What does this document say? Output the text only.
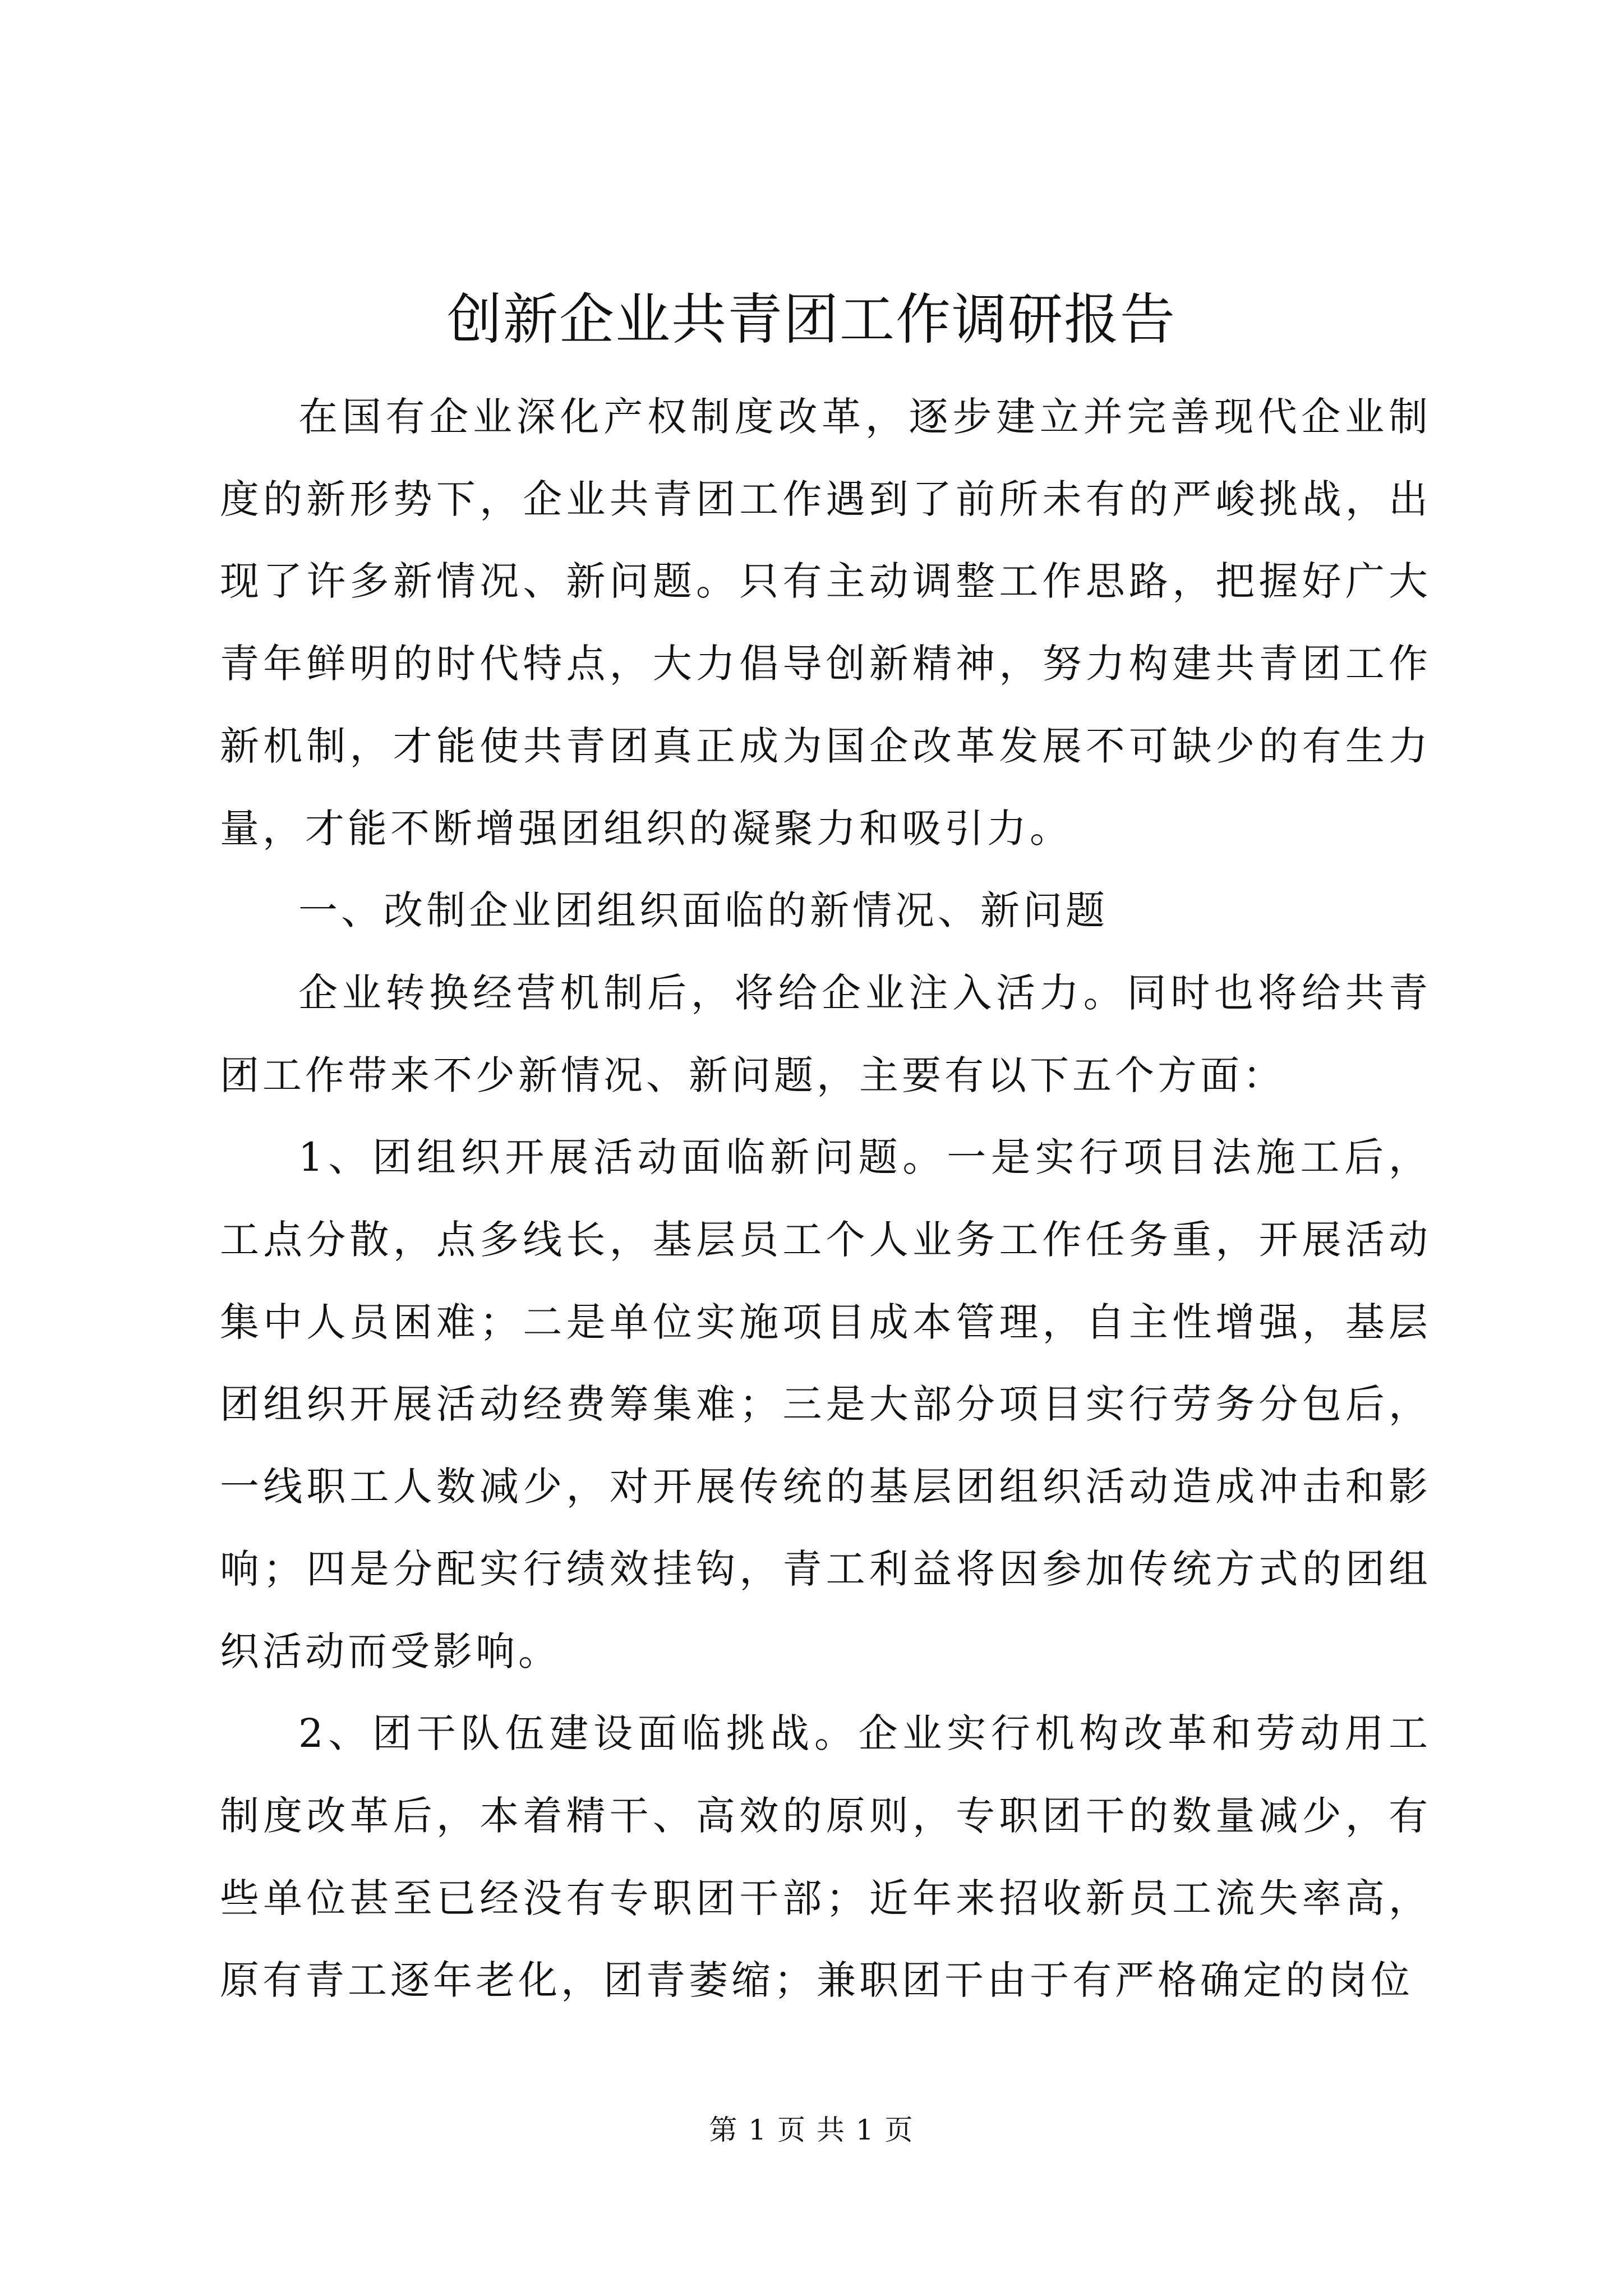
创新企业共青团工作调研报告

在国有企业深化产权制度改革，逐步建立并完善现代企业制度的新形势下，企业共青团工作遇到了前所未有的严峻挑战，出现了许多新情况、新问题。只有主动调整工作思路，把握好广大青年鲜明的时代特点，大力倡导创新精神，努力构建共青团工作新机制，才能使共青团真正成为国企改革发展不可缺少的有生力量，才能不断增强团组织的凝聚力和吸引力。

一、改制企业团组织面临的新情况、新问题

企业转换经营机制后，将给企业注入活力。同时也将给共青团工作带来不少新情况、新问题，主要有以下五个方面：

1、团组织开展活动面临新问题。一是实行项目法施工后，工点分散，点多线长，基层员工个人业务工作任务重，开展活动集中人员困难；二是单位实施项目成本管理，自主性增强，基层团组织开展活动经费筹集难；三是大部分项目实行劳务分包后，一线职工人数减少，对开展传统的基层团组织活动造成冲击和影响；四是分配实行绩效挂钩，青工利益将因参加传统方式的团组织活动而受影响。

2、团干队伍建设面临挑战。企业实行机构改革和劳动用工制度改革后，本着精干、高效的原则，专职团干的数量减少，有些单位甚至已经没有专职团干部；近年来招收新员工流失率高，原有青工逐年老化，团青萎缩；兼职团干由于有严格确定的岗位

第 1 页 共 1 页
